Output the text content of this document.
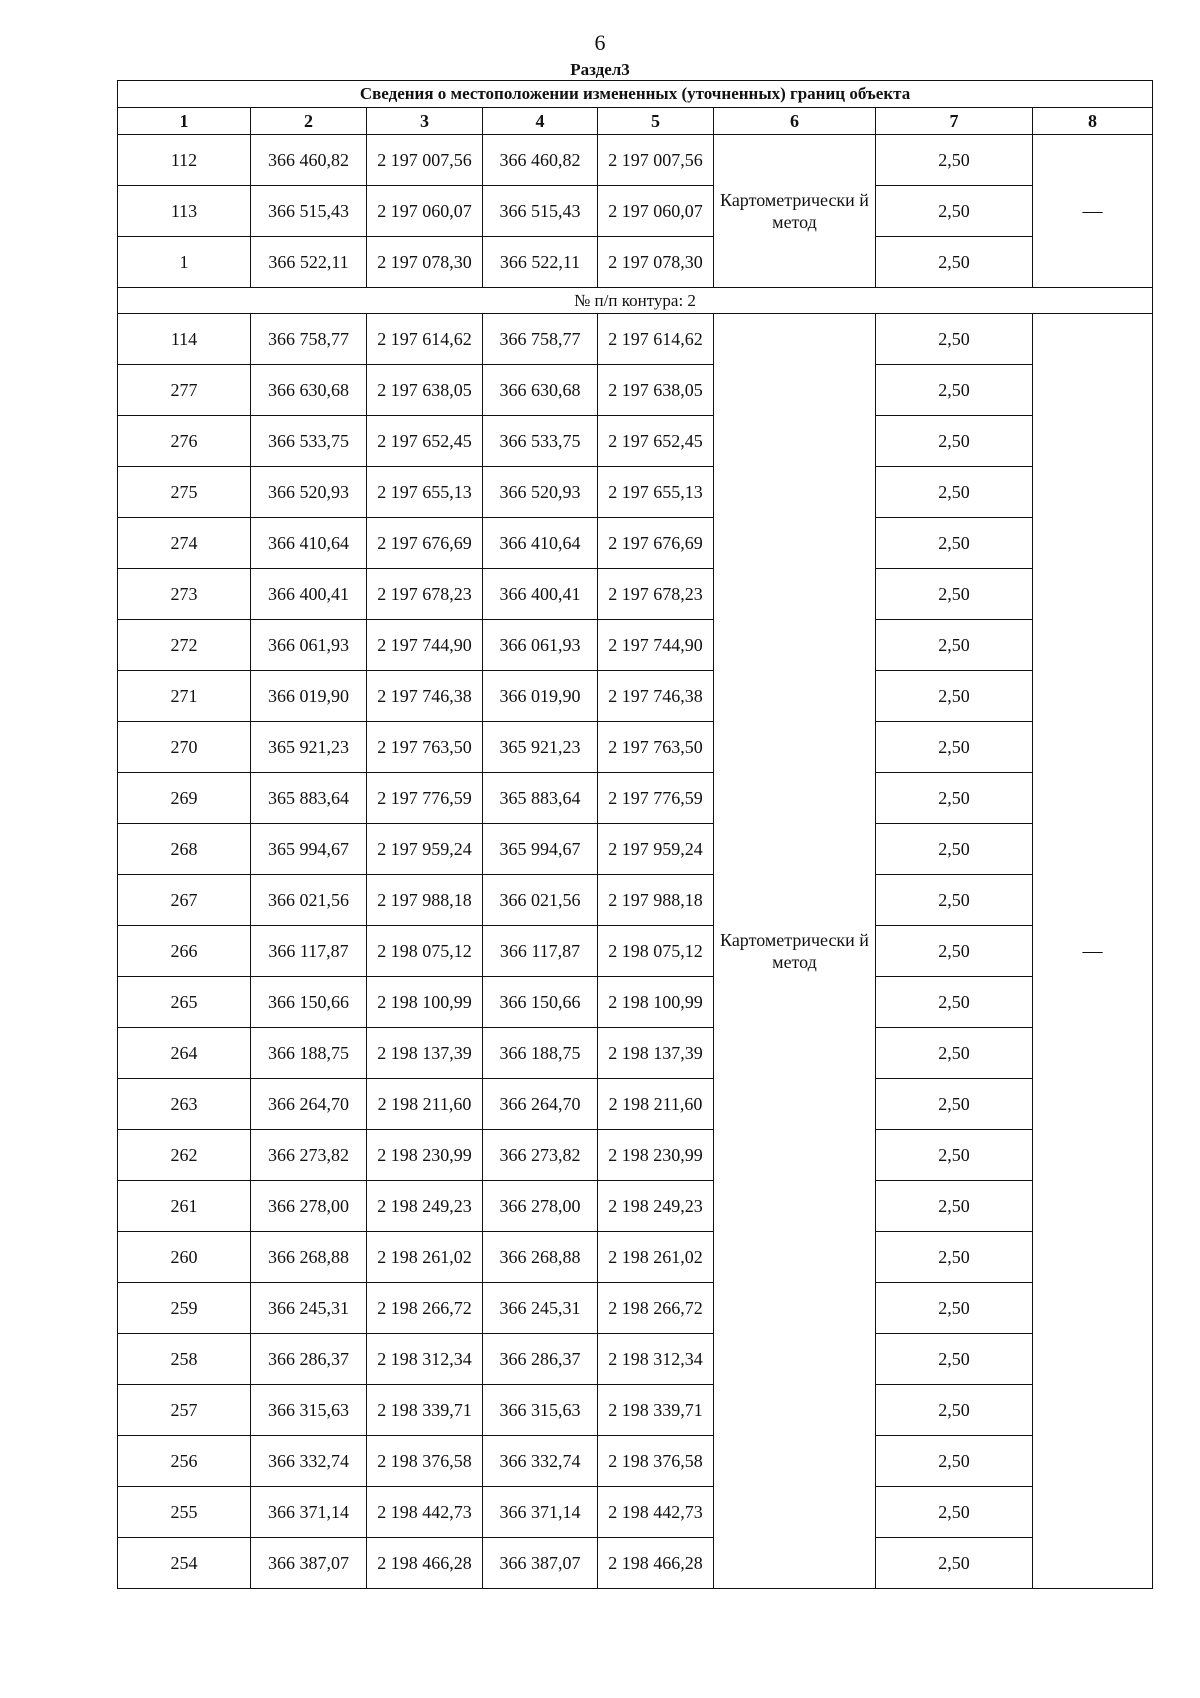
6
Раздел3
Сведения о местоположении измененных (уточненных) границ объекта							
1	2	3	4	5	6	7	8
112	366 460,82	2 197 007,56	366 460,82	2 197 007,56	Картометрически й метод	2,50	—
113	366 515,43	2 197 060,07	366 515,43	2 197 060,07		2,50	
1	366 522,11	2 197 078,30	366 522,11	2 197 078,30		2,50	
№ п/п контура: 2							
114	366 758,77	2 197 614,62	366 758,77	2 197 614,62	Картометрически й метод	2,50	—
277	366 630,68	2 197 638,05	366 630,68	2 197 638,05		2,50	
276	366 533,75	2 197 652,45	366 533,75	2 197 652,45		2,50	
275	366 520,93	2 197 655,13	366 520,93	2 197 655,13		2,50	
274	366 410,64	2 197 676,69	366 410,64	2 197 676,69		2,50	
273	366 400,41	2 197 678,23	366 400,41	2 197 678,23		2,50	
272	366 061,93	2 197 744,90	366 061,93	2 197 744,90		2,50	
271	366 019,90	2 197 746,38	366 019,90	2 197 746,38		2,50	
270	365 921,23	2 197 763,50	365 921,23	2 197 763,50		2,50	
269	365 883,64	2 197 776,59	365 883,64	2 197 776,59		2,50	
268	365 994,67	2 197 959,24	365 994,67	2 197 959,24		2,50	
267	366 021,56	2 197 988,18	366 021,56	2 197 988,18		2,50	
266	366 117,87	2 198 075,12	366 117,87	2 198 075,12		2,50	
265	366 150,66	2 198 100,99	366 150,66	2 198 100,99		2,50	
264	366 188,75	2 198 137,39	366 188,75	2 198 137,39		2,50	
263	366 264,70	2 198 211,60	366 264,70	2 198 211,60		2,50	
262	366 273,82	2 198 230,99	366 273,82	2 198 230,99		2,50	
261	366 278,00	2 198 249,23	366 278,00	2 198 249,23		2,50	
260	366 268,88	2 198 261,02	366 268,88	2 198 261,02		2,50	
259	366 245,31	2 198 266,72	366 245,31	2 198 266,72		2,50	
258	366 286,37	2 198 312,34	366 286,37	2 198 312,34		2,50	
257	366 315,63	2 198 339,71	366 315,63	2 198 339,71		2,50	
256	366 332,74	2 198 376,58	366 332,74	2 198 376,58		2,50	
255	366 371,14	2 198 442,73	366 371,14	2 198 442,73		2,50	
254	366 387,07	2 198 466,28	366 387,07	2 198 466,28		2,50	
